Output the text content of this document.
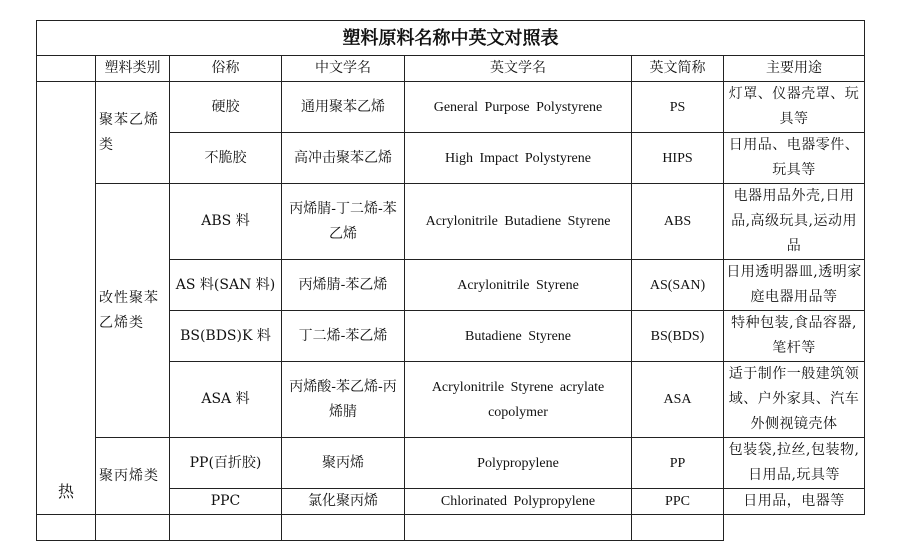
塑料原料名称中英文对照表						
	塑料类别	俗称	中文学名	英文学名	英文简称	主要用途
热	聚苯乙烯类	硬胶	通用聚苯乙烯	General Purpose Polystyrene	PS	灯罩、仪器壳罩、玩具等
		不脆胶	高冲击聚苯乙烯	High Impact Polystyrene	HIPS	日用品、电器零件、玩具等
	改性聚苯乙烯类	ABS 料	丙烯腈-丁二烯-苯乙烯	Acrylonitrile Butadiene Styrene	ABS	电器用品外壳,日用品,高级玩具,运动用品
		AS 料(SAN 料)	丙烯腈-苯乙烯	Acrylonitrile Styrene	AS(SAN)	日用透明器皿,透明家庭电器用品等
		BS(BDS)K 料	丁二烯-苯乙烯	Butadiene Styrene	BS(BDS)	特种包装,食品容器,笔杆等
		ASA 料	丙烯酸-苯乙烯-丙烯腈	Acrylonitrile Styrene acrylate copolymer	ASA	适于制作一般建筑领域、户外家具、汽车外侧视镜壳体
	聚丙烯类	PP(百折胶)	聚丙烯	Polypropylene	PP	包装袋,拉丝,包装物,日用品,玩具等
		PPC	氯化聚丙烯	Chlorinated Polypropylene	PPC	日用品，电器等
